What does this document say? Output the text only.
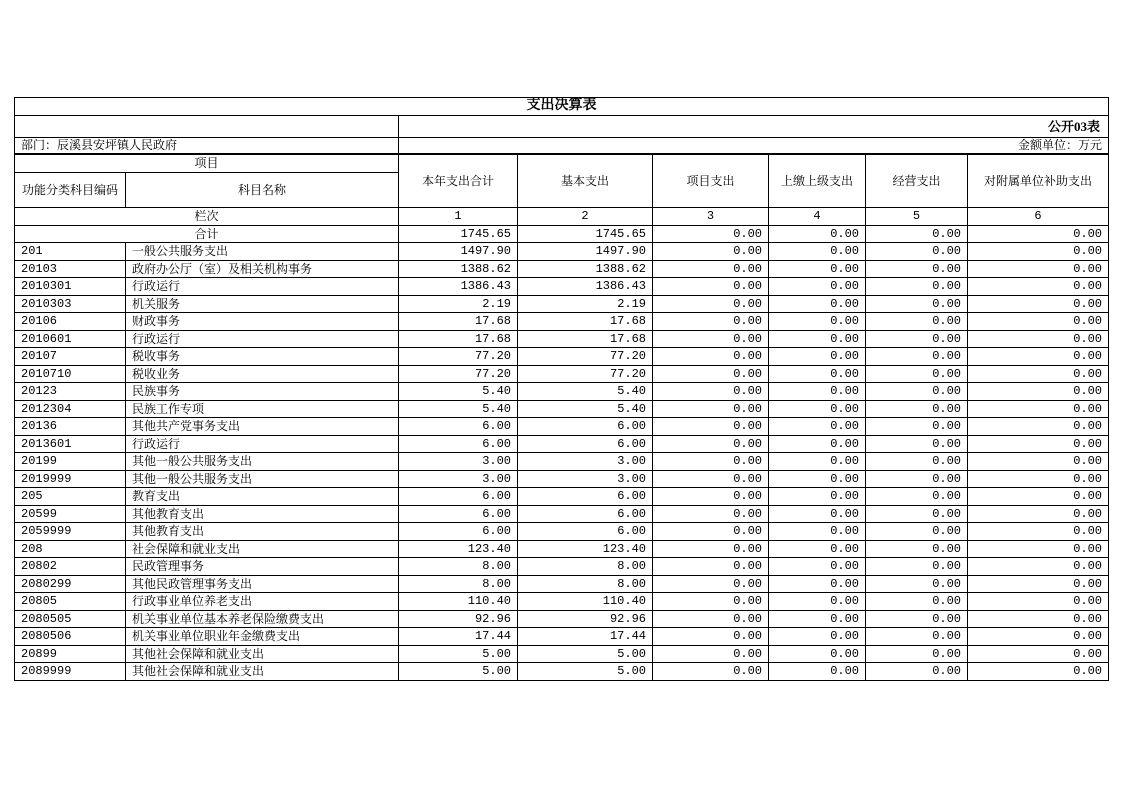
支出决算表							
		公开03表					
部门：辰溪县安坪镇人民政府		金额单位：万元					
项目		本年支出合计	基本支出	项目支出	上缴上级支出	经营支出	对附属单位补助支出
功能分类科目编码	科目名称						
栏次		1	2	3	4	5	6
合计		1745.65	1745.65	0.00	0.00	0.00	0.00
201	一般公共服务支出	1497.90	1497.90	0.00	0.00	0.00	0.00
20103	政府办公厅（室）及相关机构事务	1388.62	1388.62	0.00	0.00	0.00	0.00
2010301	行政运行	1386.43	1386.43	0.00	0.00	0.00	0.00
2010303	机关服务	2.19	2.19	0.00	0.00	0.00	0.00
20106	财政事务	17.68	17.68	0.00	0.00	0.00	0.00
2010601	行政运行	17.68	17.68	0.00	0.00	0.00	0.00
20107	税收事务	77.20	77.20	0.00	0.00	0.00	0.00
2010710	税收业务	77.20	77.20	0.00	0.00	0.00	0.00
20123	民族事务	5.40	5.40	0.00	0.00	0.00	0.00
2012304	民族工作专项	5.40	5.40	0.00	0.00	0.00	0.00
20136	其他共产党事务支出	6.00	6.00	0.00	0.00	0.00	0.00
2013601	行政运行	6.00	6.00	0.00	0.00	0.00	0.00
20199	其他一般公共服务支出	3.00	3.00	0.00	0.00	0.00	0.00
2019999	其他一般公共服务支出	3.00	3.00	0.00	0.00	0.00	0.00
205	教育支出	6.00	6.00	0.00	0.00	0.00	0.00
20599	其他教育支出	6.00	6.00	0.00	0.00	0.00	0.00
2059999	其他教育支出	6.00	6.00	0.00	0.00	0.00	0.00
208	社会保障和就业支出	123.40	123.40	0.00	0.00	0.00	0.00
20802	民政管理事务	8.00	8.00	0.00	0.00	0.00	0.00
2080299	其他民政管理事务支出	8.00	8.00	0.00	0.00	0.00	0.00
20805	行政事业单位养老支出	110.40	110.40	0.00	0.00	0.00	0.00
2080505	机关事业单位基本养老保险缴费支出	92.96	92.96	0.00	0.00	0.00	0.00
2080506	机关事业单位职业年金缴费支出	17.44	17.44	0.00	0.00	0.00	0.00
20899	其他社会保障和就业支出	5.00	5.00	0.00	0.00	0.00	0.00
2089999	其他社会保障和就业支出	5.00	5.00	0.00	0.00	0.00	0.00
